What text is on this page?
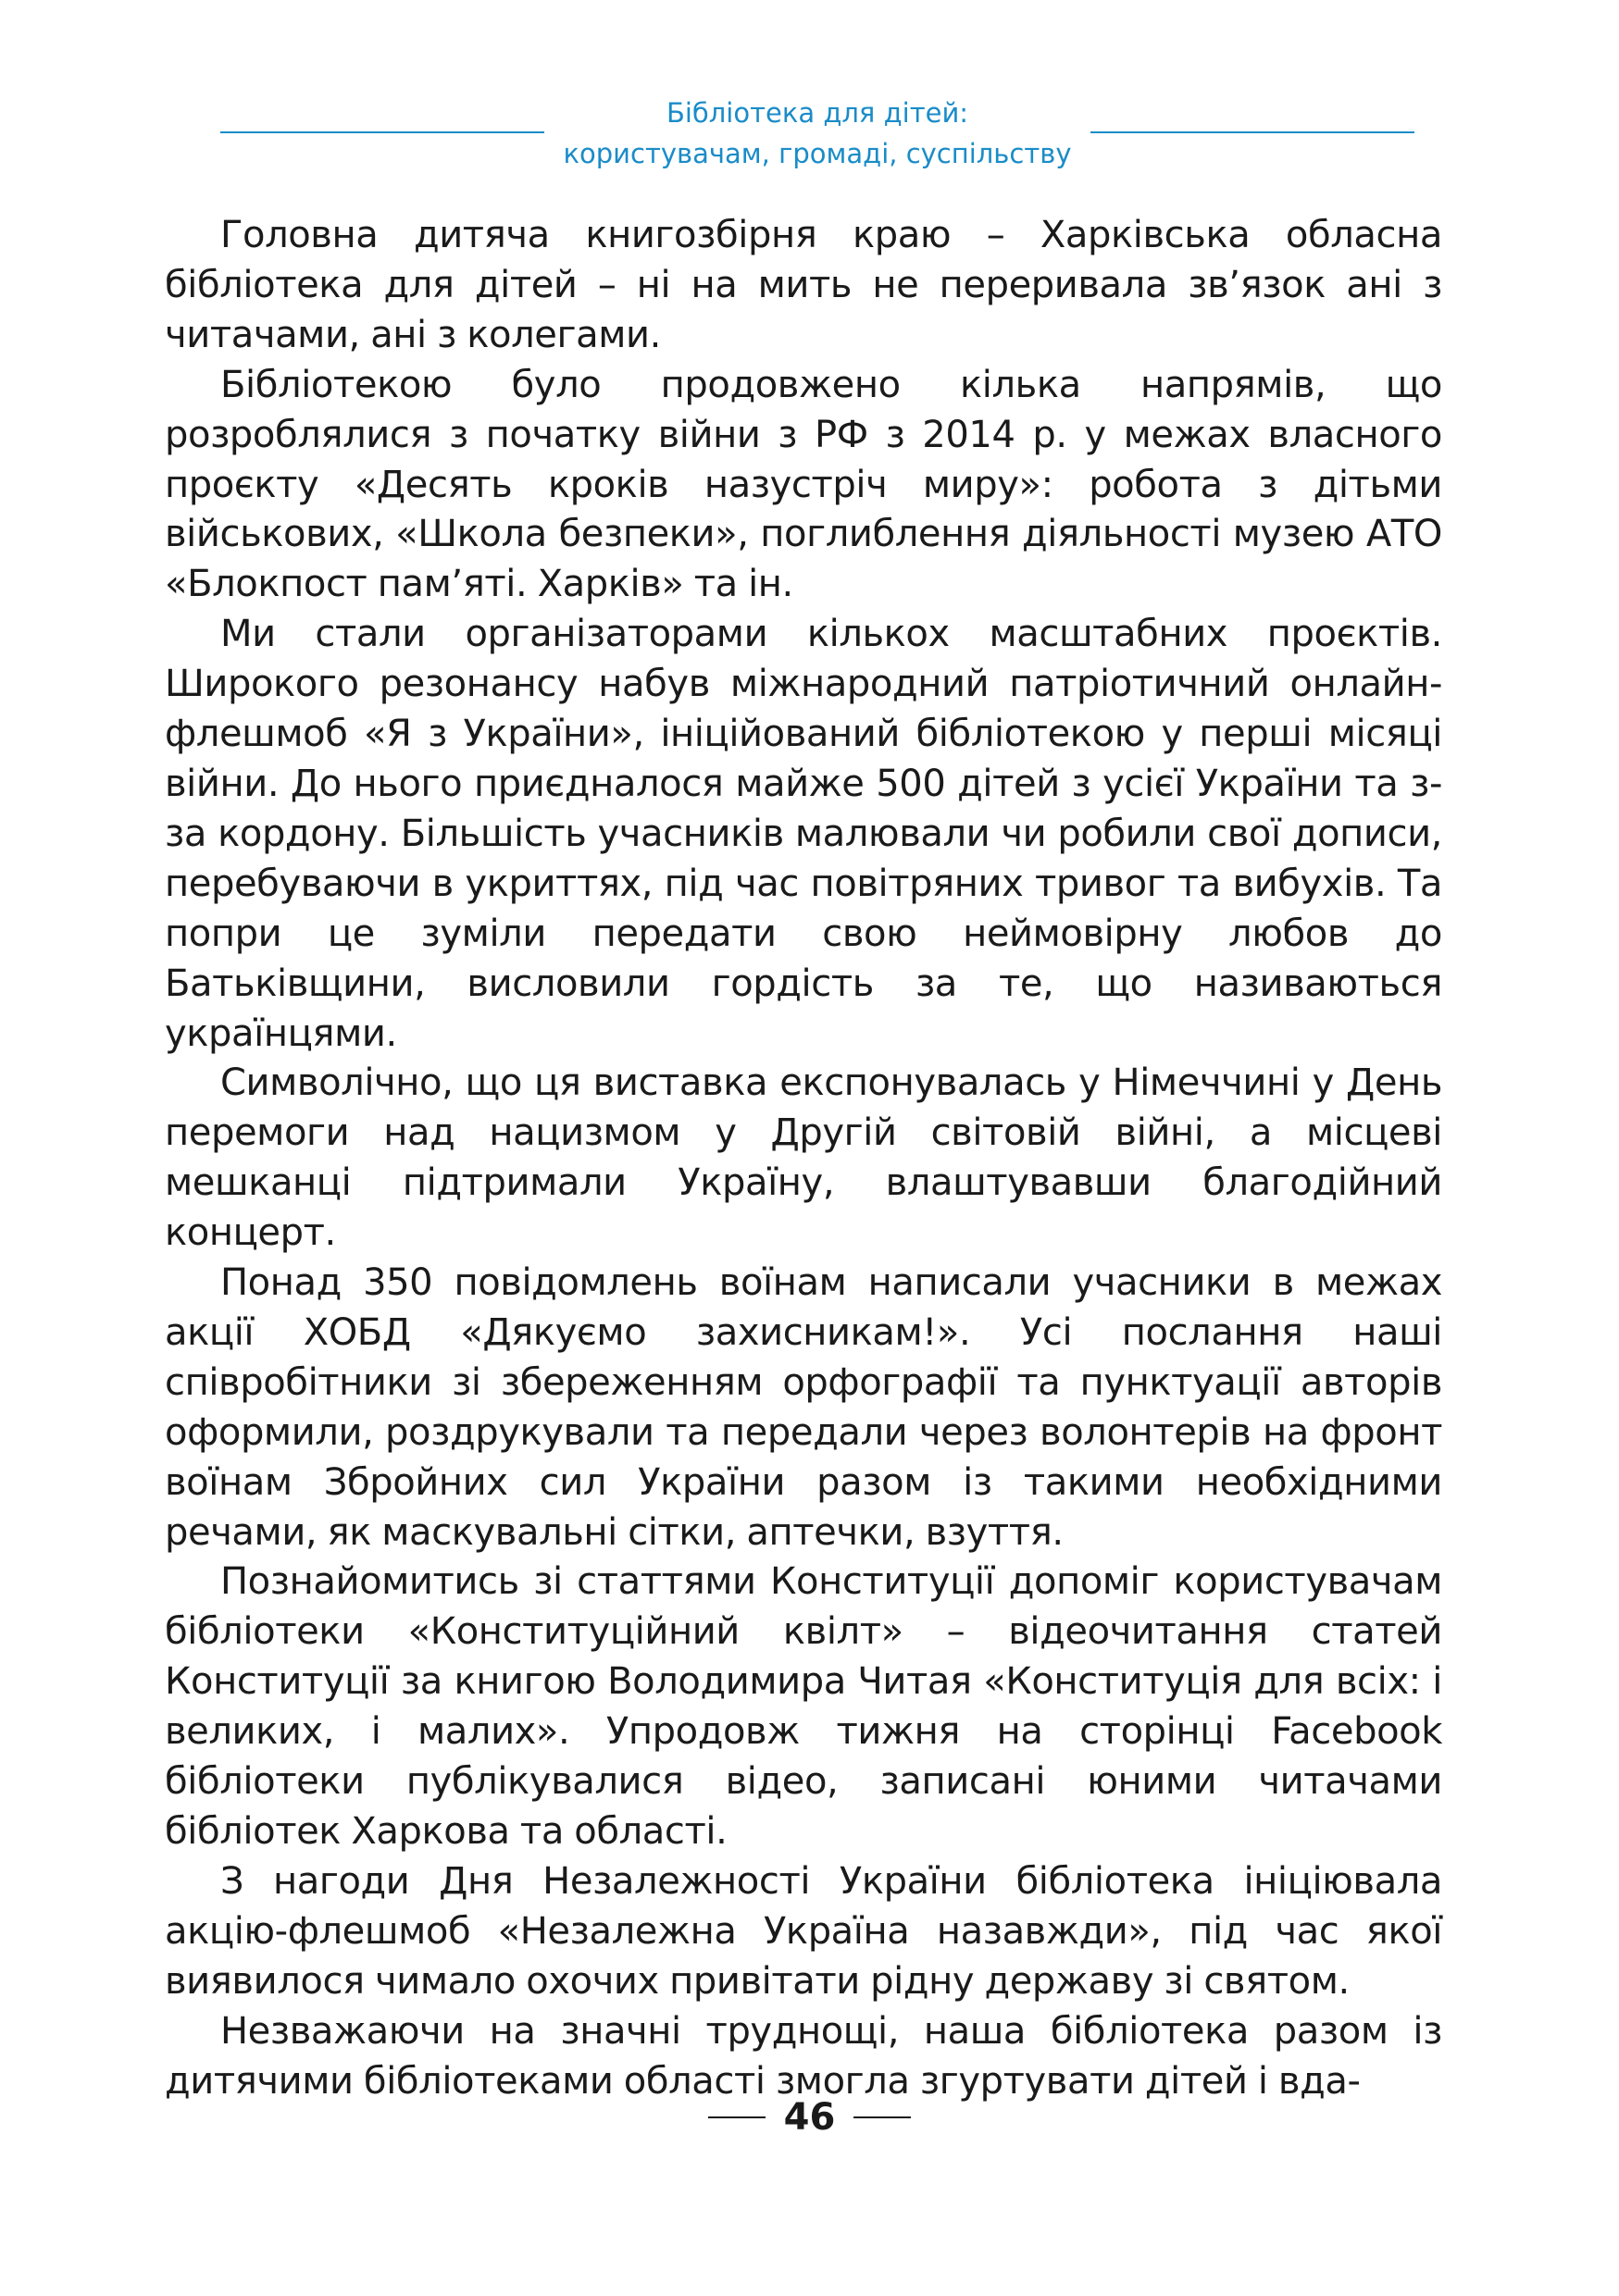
Бібліотека для дітей:
користувачам, громаді, суспільству

Головна дитяча книгозбірня краю – Харківська обласна бібліотека для дітей – ні на мить не переривала зв’язок ані з читачами, ані з колегами.

Бібліотекою було продовжено кілька напрямів, що розроблялися з початку війни з РФ з 2014 р. у межах власного проєкту «Десять кроків назустріч миру»: робота з дітьми військових, «Школа безпеки», поглиблення діяльності музею АТО «Блокпост пам’яті. Харків» та ін.

Ми стали організаторами кількох масштабних проєктів. Широкого резонансу набув міжнародний патріотичний онлайн-флешмоб «Я з України», ініційований бібліотекою у перші місяці війни. До нього приєдналося майже 500 дітей з усієї України та з-за кордону. Більшість учасників малювали чи робили свої дописи, перебуваючи в укриттях, під час повітряних тривог та вибухів. Та попри це зуміли передати свою неймовірну любов до Батьківщини, висловили гордість за те, що називаються українцями.

Символічно, що ця виставка експонувалась у Німеччині у День перемоги над нацизмом у Другій світовій війні, а місцеві мешканці підтримали Україну, влаштувавши благодійний концерт.

Понад 350 повідомлень воїнам написали учасники в межах акції ХОБД «Дякуємо захисникам!». Усі послання наші співробітники зі збереженням орфографії та пунктуації авторів оформили, роздрукували та передали через волонтерів на фронт воїнам Збройних сил України разом із такими необхідними речами, як маскувальні сітки, аптечки, взуття.

Познайомитись зі статтями Конституції допоміг користувачам бібліотеки «Конституційний квілт» – відеочитання статей Конституції за книгою Володимира Читая «Конституція для всіх: і великих, і малих». Упродовж тижня на сторінці Facebook бібліотеки публікувалися відео, записані юними читачами бібліотек Харкова та області.

З нагоди Дня Незалежності України бібліотека ініціювала акцію-флешмоб «Незалежна Україна назавжди», під час якої виявилося чимало охочих привітати рідну державу зі святом.

Незважаючи на значні труднощі, наша бібліотека разом із дитячими бібліотеками області змогла згуртувати дітей і вда-

46
